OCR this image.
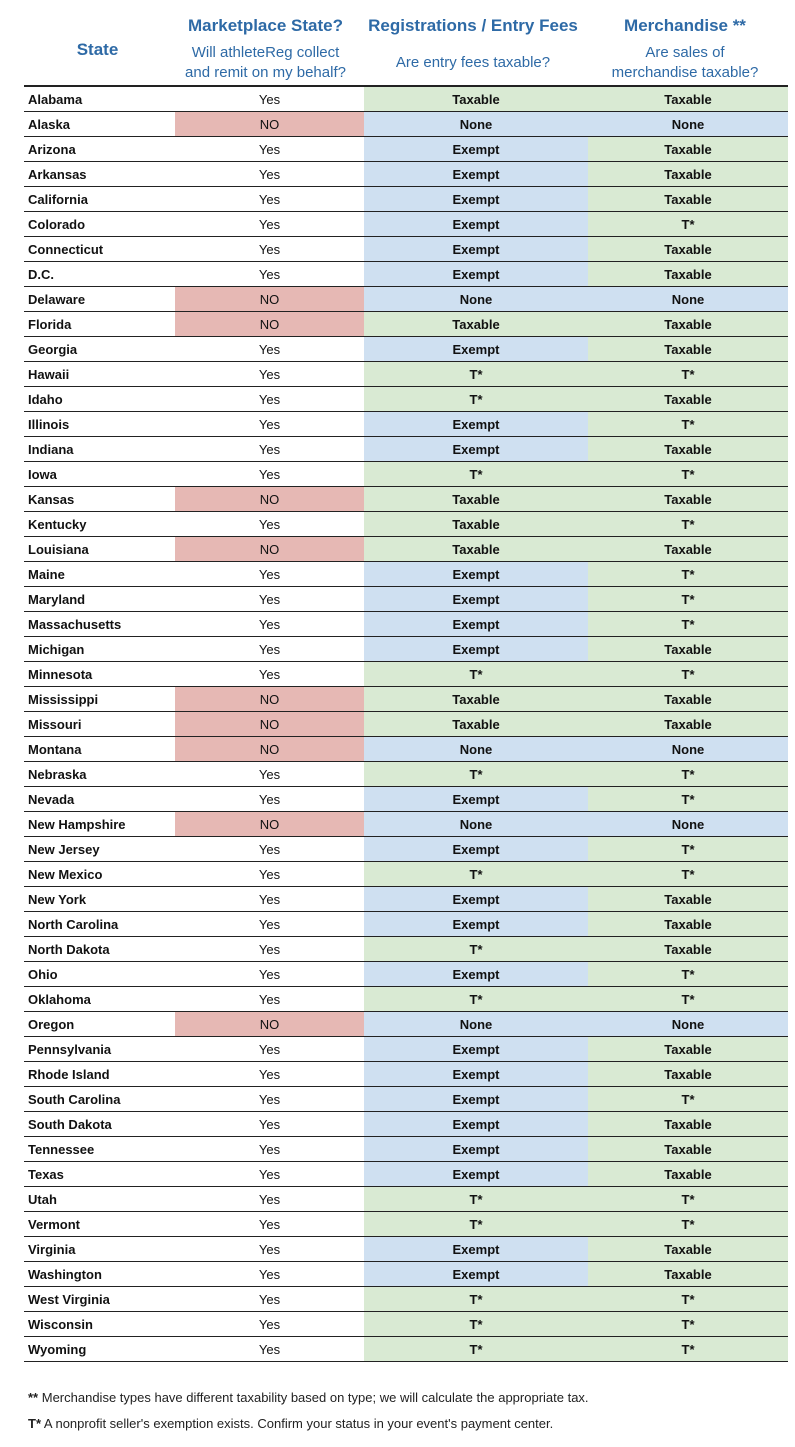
State
Marketplace State?
Will athleteReg collect
and remit on my behalf?
Registrations / Entry Fees
Are entry fees taxable?
Merchandise **
Are sales of
merchandise taxable?
Alabama	Yes	Taxable	Taxable
Alaska	NO	None	None
Arizona	Yes	Exempt	Taxable
Arkansas	Yes	Exempt	Taxable
California	Yes	Exempt	Taxable
Colorado	Yes	Exempt	T*
Connecticut	Yes	Exempt	Taxable
D.C.	Yes	Exempt	Taxable
Delaware	NO	None	None
Florida	NO	Taxable	Taxable
Georgia	Yes	Exempt	Taxable
Hawaii	Yes	T*	T*
Idaho	Yes	T*	Taxable
Illinois	Yes	Exempt	T*
Indiana	Yes	Exempt	Taxable
Iowa	Yes	T*	T*
Kansas	NO	Taxable	Taxable
Kentucky	Yes	Taxable	T*
Louisiana	NO	Taxable	Taxable
Maine	Yes	Exempt	T*
Maryland	Yes	Exempt	T*
Massachusetts	Yes	Exempt	T*
Michigan	Yes	Exempt	Taxable
Minnesota	Yes	T*	T*
Mississippi	NO	Taxable	Taxable
Missouri	NO	Taxable	Taxable
Montana	NO	None	None
Nebraska	Yes	T*	T*
Nevada	Yes	Exempt	T*
New Hampshire	NO	None	None
New Jersey	Yes	Exempt	T*
New Mexico	Yes	T*	T*
New York	Yes	Exempt	Taxable
North Carolina	Yes	Exempt	Taxable
North Dakota	Yes	T*	Taxable
Ohio	Yes	Exempt	T*
Oklahoma	Yes	T*	T*
Oregon	NO	None	None
Pennsylvania	Yes	Exempt	Taxable
Rhode Island	Yes	Exempt	Taxable
South Carolina	Yes	Exempt	T*
South Dakota	Yes	Exempt	Taxable
Tennessee	Yes	Exempt	Taxable
Texas	Yes	Exempt	Taxable
Utah	Yes	T*	T*
Vermont	Yes	T*	T*
Virginia	Yes	Exempt	Taxable
Washington	Yes	Exempt	Taxable
West Virginia	Yes	T*	T*
Wisconsin	Yes	T*	T*
Wyoming	Yes	T*	T*
** Merchandise types have different taxability based on type; we will calculate the appropriate tax.
T* A nonprofit seller's exemption exists. Confirm your status in your event's payment center.
